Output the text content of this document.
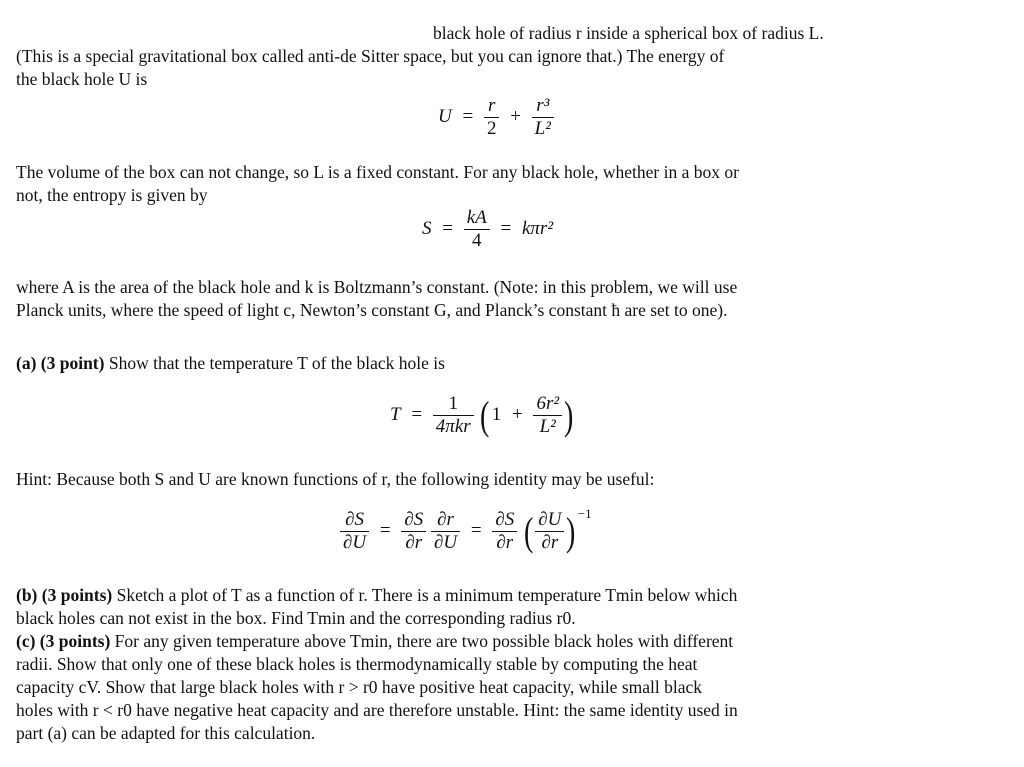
black hole of radius r inside a spherical box of radius L.
(This is a special gravitational box called anti-de Sitter space, but you can ignore that.) The energy of
the black hole U is
$U = \frac{r}{2} + \frac{\text{r³}}{\text{L²}}$
The volume of the box can not change, so L is a fixed constant. For any black hole, whether in a box or
not, the entropy is given by
$S = \frac{kA}{4} = k\pi r^2$
where A is the area of the black hole and k is Boltzmann’s constant. (Note: in this problem, we will use
Planck units, where the speed of light c, Newton’s constant G, and Planck’s constant ħ are set to one).
(a) (3 point) Show that the temperature T of the black hole is
$T = \frac{1}{\text{4πkr}}$ ( $1 + \frac{\text{6r²}}{\text{L²}}$ )
Hint: Because both S and U are known functions of r, the following identity may be useful:
$\frac{\partial S}{\partial U} = \frac{\partial S}{\partial r}$
$\frac{\partial r}{\partial U} = \frac{\partial S}{\partial r}$ ( $\frac{\partial U}{\partial r}$ ) $^{-1}$
(b) (3 points) Sketch a plot of T as a function of r. There is a minimum temperature Tmin below which
black holes can not exist in the box. Find Tmin and the corresponding radius r0.
(c) (3 points) For any given temperature above Tmin, there are two possible black holes with different
radii. Show that only one of these black holes is thermodynamically stable by computing the heat
capacity cV. Show that large black holes with r > r0 have positive heat capacity, while small black
holes with r < r0 have negative heat capacity and are therefore unstable. Hint: the same identity used in
part (a) can be adapted for this calculation.
